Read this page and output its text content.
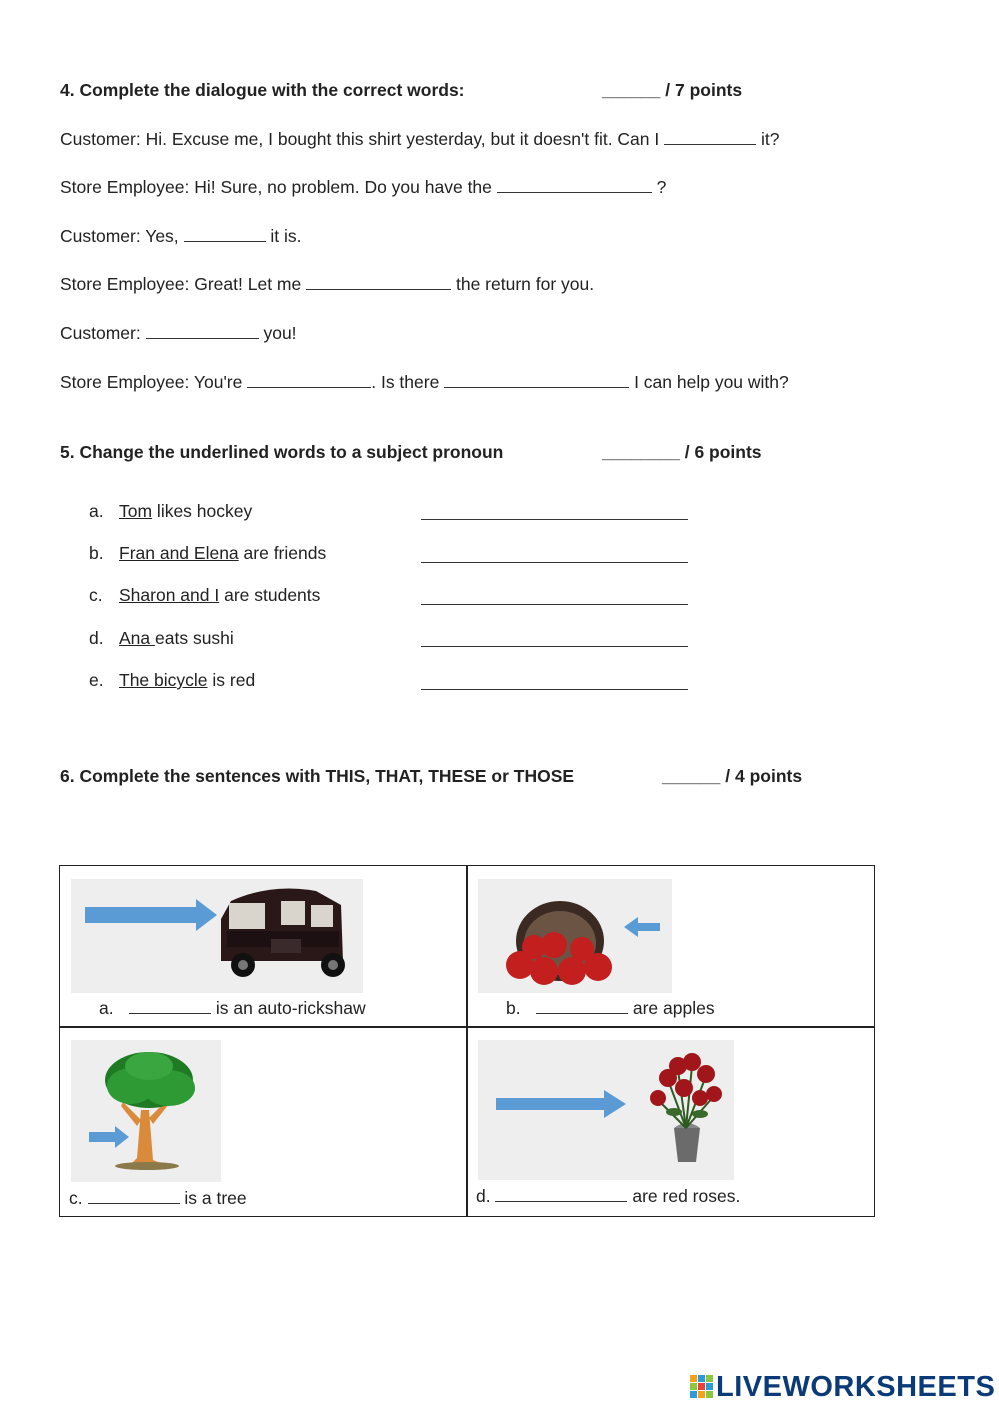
4. Complete the dialogue with the correct words:	______ / 7 points
Customer: Hi. Excuse me, I bought this shirt yesterday, but it doesn't fit. Can I	it?
Store Employee: Hi! Sure, no problem. Do you have the	?
Customer: Yes,	it is.
Store Employee: Great! Let me	the return for you.
Customer:	you!
Store Employee: You're	. Is there	I can help you with?
5. Change the underlined words to a subject pronoun	________ / 6 points
a. Tom likes hockey
b. Fran and Elena are friends
c. Sharon and I are students
d. Ana eats sushi
e. The bicycle is red
6. Complete the sentences with THIS, THAT, THESE or THOSE	______ / 4 points
a.	is an auto-rickshaw	b.	are apples
c.	is a tree	d.	are red roses.
LIVEWORKSHEETS
